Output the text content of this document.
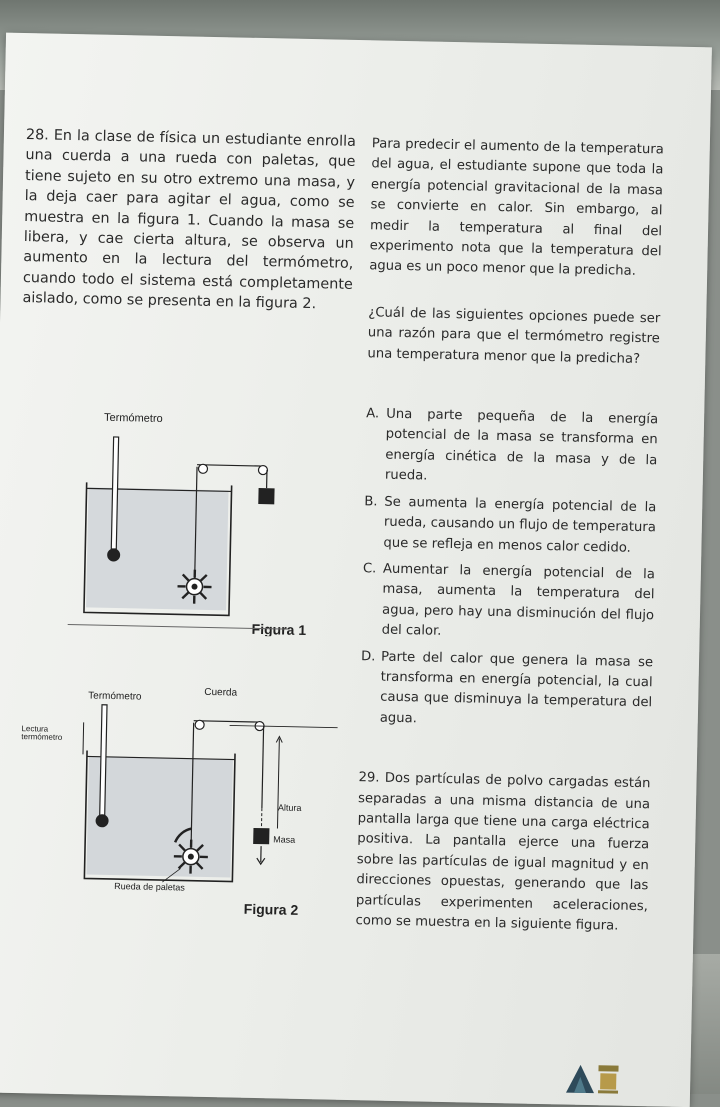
28. En la clase de física un estudiante enrolla una cuerda a una rueda con paletas, que tiene sujeto en su otro extremo una masa, y la deja caer para agitar el agua, como se muestra en la figura 1. Cuando la masa se libera, y cae cierta altura, se observa un aumento en la lectura del termómetro, cuando todo el sistema está completamente aislado, como se presenta en la figura 2.

Termómetro
Figura 1
Cuerda
Termómetro
Lectura
termómetro
Altura
Masa
Rueda de paletas
Figura 2

Para predecir el aumento de la temperatura del agua, el estudiante supone que toda la energía potencial gravitacional de la masa se convierte en calor. Sin embargo, al medir la temperatura al final del experimento nota que la temperatura del agua es un poco menor que la predicha.

¿Cuál de las siguientes opciones puede ser una razón para que el termómetro registre una temperatura menor que la predicha?

A. Una parte pequeña de la energía potencial de la masa se transforma en energía cinética de la masa y de la rueda.
B. Se aumenta la energía potencial de la rueda, causando un flujo de temperatura que se refleja en menos calor cedido.
C. Aumentar la energía potencial de la masa, aumenta la temperatura del agua, pero hay una disminución del flujo del calor.
D. Parte del calor que genera la masa se transforma en energía potencial, la cual causa que disminuya la temperatura del agua.

29. Dos partículas de polvo cargadas están separadas a una misma distancia de una pantalla larga que tiene una carga eléctrica positiva. La pantalla ejerce una fuerza sobre las partículas de igual magnitud y en direcciones opuestas, generando que las partículas experimenten aceleraciones, como se muestra en la siguiente figura.
